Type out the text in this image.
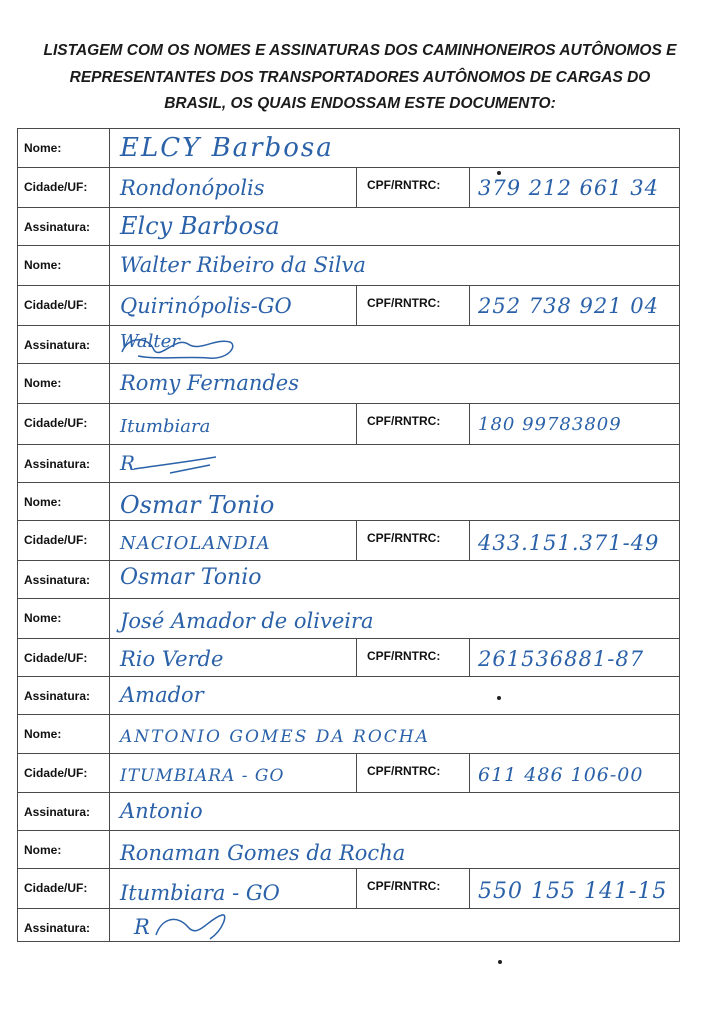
LISTAGEM COM OS NOMES E ASSINATURAS DOS CAMINHONEIROS AUTÔNOMOS E
REPRESENTANTES DOS TRANSPORTADORES AUTÔNOMOS DE CARGAS DO
BRASIL, OS QUAIS ENDOSSAM ESTE DOCUMENTO:
Nome:	ELCY Barbosa
Cidade/UF:	Rondonópolis	CPF/RNTRC:	379 212 661 34
Assinatura:	Elcy Barbosa
Nome:	Walter Ribeiro da Silva
Cidade/UF:	Quirinópolis-GO	CPF/RNTRC:	252 738 921 04
Assinatura:	Walter
Nome:	Romy Fernandes
Cidade/UF:	Itumbiara	CPF/RNTRC:	180 99783809
Assinatura:	R
Nome:	Osmar Tonio
Cidade/UF:	NACIOLANDIA	CPF/RNTRC:	433.151.371-49
Assinatura:	Osmar Tonio
Nome:	José Amador de oliveira
Cidade/UF:	Rio Verde	CPF/RNTRC:	261536881-87
Assinatura:	Amador
Nome:	ANTONIO GOMES DA ROCHA
Cidade/UF:	ITUMBIARA - GO	CPF/RNTRC:	611 486 106-00
Assinatura:	Antonio
Nome:	Ronaman Gomes da Rocha
Cidade/UF:	Itumbiara - GO	CPF/RNTRC:	550 155 141-15
Assinatura:	R
